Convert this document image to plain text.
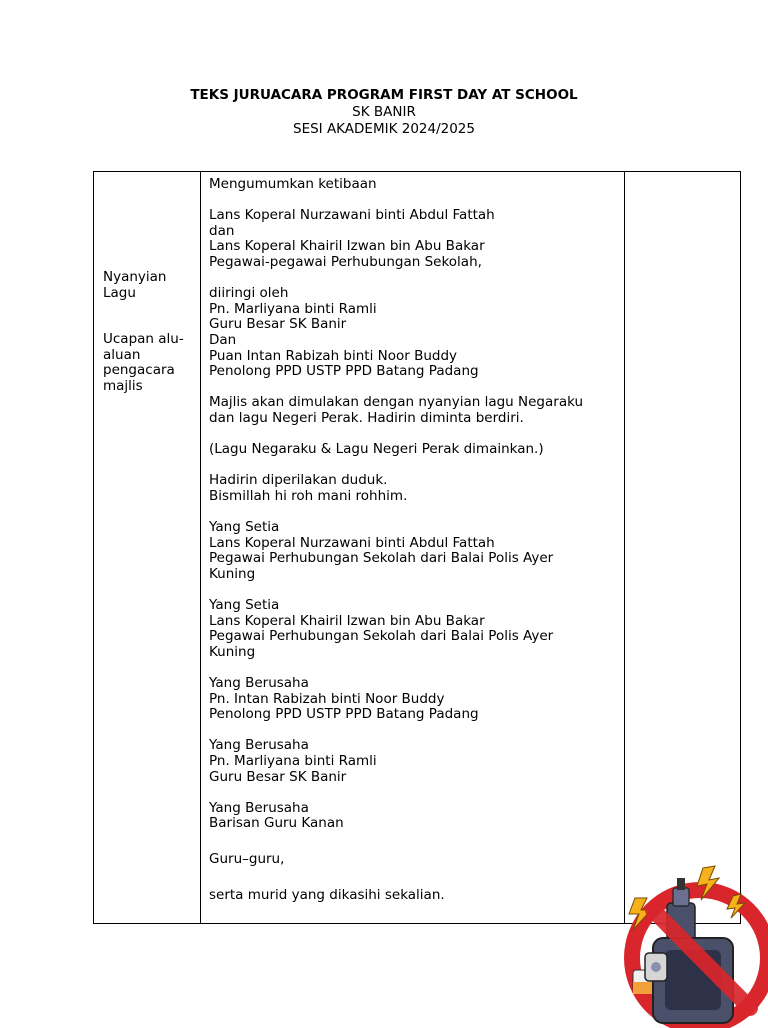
TEKS JURUACARA PROGRAM FIRST DAY AT SCHOOL
SK BANIR
SESI AKADEMIK 2024/2025
Nyanyian
Lagu
Ucapan alu-
aluan
pengacara
majlis
Mengumumkan ketibaan
Lans Koperal Nurzawani binti Abdul Fattah
dan
Lans Koperal Khairil Izwan bin Abu Bakar
Pegawai-pegawai Perhubungan Sekolah,
diiringi oleh
Pn. Marliyana binti Ramli
Guru Besar SK Banir
Dan
Puan Intan Rabizah binti Noor Buddy
Penolong PPD USTP PPD Batang Padang
Majlis akan dimulakan dengan nyanyian lagu Negaraku
dan lagu Negeri Perak. Hadirin diminta berdiri.
(Lagu Negaraku & Lagu Negeri Perak dimainkan.)
Hadirin diperilakan duduk.
Bismillah hi roh mani rohhim.
Yang Setia
Lans Koperal Nurzawani binti Abdul Fattah
Pegawai Perhubungan Sekolah dari Balai Polis Ayer
Kuning
Yang Setia
Lans Koperal Khairil Izwan bin Abu Bakar
Pegawai Perhubungan Sekolah dari Balai Polis Ayer
Kuning
Yang Berusaha
Pn. Intan Rabizah binti Noor Buddy
Penolong PPD USTP PPD Batang Padang
Yang Berusaha
Pn. Marliyana binti Ramli
Guru Besar SK Banir
Yang Berusaha
Barisan Guru Kanan
Guru–guru,
serta murid yang dikasihi sekalian.
